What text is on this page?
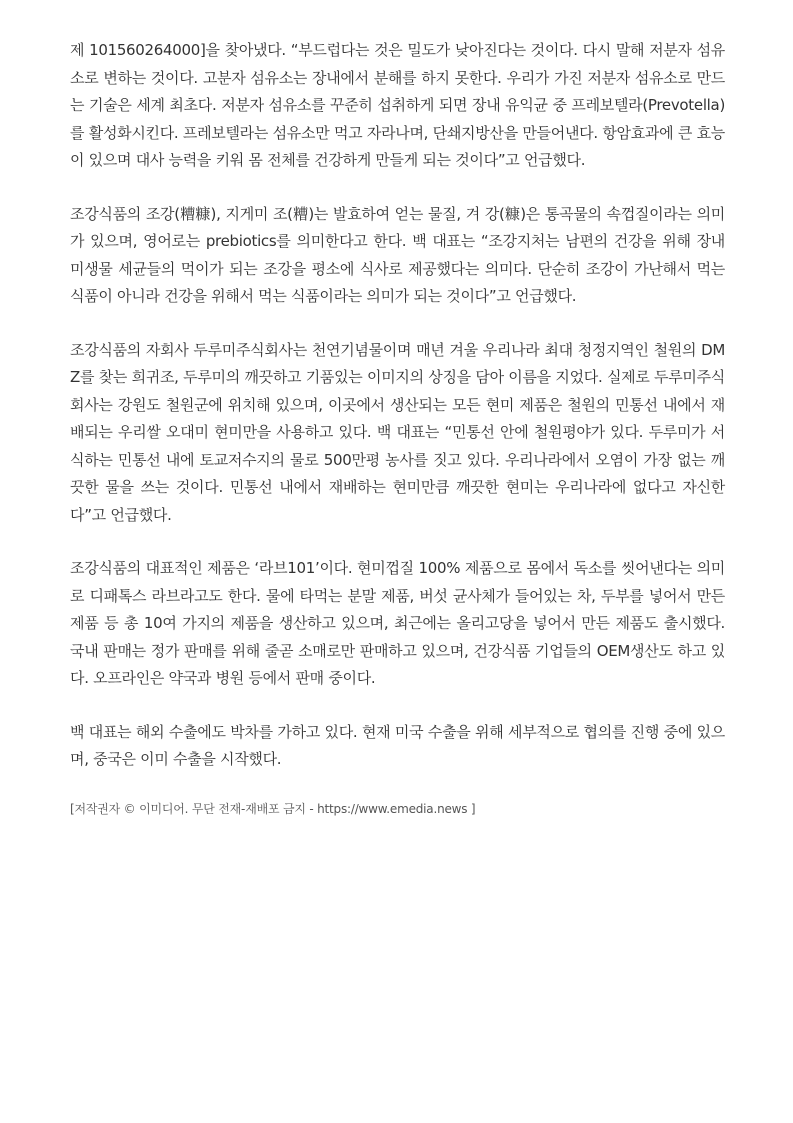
제 101560264000]을 찾아냈다. “부드럽다는 것은 밀도가 낮아진다는 것이다. 다시 말해 저분자 섬유소로 변하는 것이다. 고분자 섬유소는 장내에서 분해를 하지 못한다. 우리가 가진 저분자 섬유소로 만드는 기술은 세계 최초다. 저분자 섬유소를 꾸준히 섭취하게 되면 장내 유익균 중 프레보텔라(Prevotella)를 활성화시킨다. 프레보텔라는 섬유소만 먹고 자라나며, 단쇄지방산을 만들어낸다. 항암효과에 큰 효능이 있으며 대사 능력을 키워 몸 전체를 건강하게 만들게 되는 것이다”고 언급했다.

조강식품의 조강(糟糠), 지게미 조(糟)는 발효하여 얻는 물질, 겨 강(糠)은 통곡물의 속껍질이라는 의미가 있으며, 영어로는 prebiotics를 의미한다고 한다. 백 대표는 “조강지처는 남편의 건강을 위해 장내 미생물 세균들의 먹이가 되는 조강을 평소에 식사로 제공했다는 의미다. 단순히 조강이 가난해서 먹는 식품이 아니라 건강을 위해서 먹는 식품이라는 의미가 되는 것이다”고 언급했다.

조강식품의 자회사 두루미주식회사는 천연기념물이며 매년 겨울 우리나라 최대 청정지역인 철원의 DMZ를 찾는 희귀조, 두루미의 깨끗하고 기품있는 이미지의 상징을 담아 이름을 지었다. 실제로 두루미주식회사는 강원도 철원군에 위치해 있으며, 이곳에서 생산되는 모든 현미 제품은 철원의 민통선 내에서 재배되는 우리쌀 오대미 현미만을 사용하고 있다. 백 대표는 “민통선 안에 철원평야가 있다. 두루미가 서식하는 민통선 내에 토교저수지의 물로 500만평 농사를 짓고 있다. 우리나라에서 오염이 가장 없는 깨끗한 물을 쓰는 것이다. 민통선 내에서 재배하는 현미만큼 깨끗한 현미는 우리나라에 없다고 자신한다”고 언급했다.

조강식품의 대표적인 제품은 ‘라브101’이다. 현미껍질 100% 제품으로 몸에서 독소를 씻어낸다는 의미로 디패톡스 라브라고도 한다. 물에 타먹는 분말 제품, 버섯 균사체가 들어있는 차, 두부를 넣어서 만든 제품 등 총 10여 가지의 제품을 생산하고 있으며, 최근에는 올리고당을 넣어서 만든 제품도 출시했다. 국내 판매는 정가 판매를 위해 줄곧 소매로만 판매하고 있으며, 건강식품 기업들의 OEM생산도 하고 있다. 오프라인은 약국과 병원 등에서 판매 중이다.

백 대표는 해외 수출에도 박차를 가하고 있다. 현재 미국 수출을 위해 세부적으로 협의를 진행 중에 있으며, 중국은 이미 수출을 시작했다.

[저작권자 © 이미디어. 무단 전재-재배포 금지 - https://www.emedia.news ]
